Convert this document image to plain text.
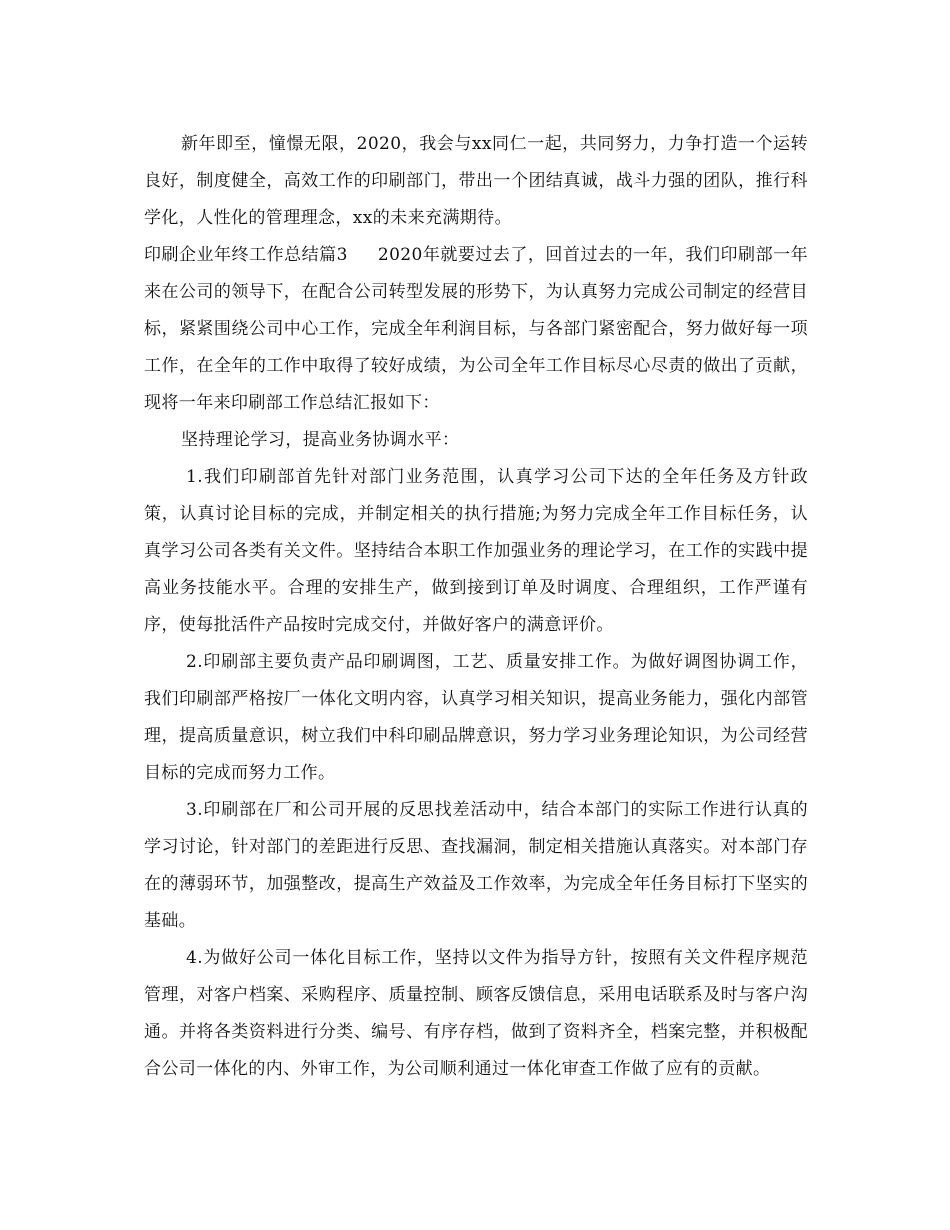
新年即至，憧憬无限，2020，我会与xx同仁一起，共同努力，力争打造一个运转良好，制度健全，高效工作的印刷部门，带出一个团结真诚，战斗力强的团队，推行科学化，人性化的管理理念，xx的未来充满期待。

印刷企业年终工作总结篇3 2020年就要过去了，回首过去的一年，我们印刷部一年来在公司的领导下，在配合公司转型发展的形势下，为认真努力完成公司制定的经营目标，紧紧围绕公司中心工作，完成全年利润目标，与各部门紧密配合，努力做好每一项工作，在全年的工作中取得了较好成绩，为公司全年工作目标尽心尽责的做出了贡献，现将一年来印刷部工作总结汇报如下：

坚持理论学习，提高业务协调水平：

1.我们印刷部首先针对部门业务范围，认真学习公司下达的全年任务及方针政策，认真讨论目标的完成，并制定相关的执行措施;为努力完成全年工作目标任务，认真学习公司各类有关文件。坚持结合本职工作加强业务的理论学习，在工作的实践中提高业务技能水平。合理的安排生产，做到接到订单及时调度、合理组织，工作严谨有序，使每批活件产品按时完成交付，并做好客户的满意评价。

2.印刷部主要负责产品印刷调图，工艺、质量安排工作。为做好调图协调工作，我们印刷部严格按厂一体化文明内容，认真学习相关知识，提高业务能力，强化内部管理，提高质量意识，树立我们中科印刷品牌意识，努力学习业务理论知识，为公司经营目标的完成而努力工作。

3.印刷部在厂和公司开展的反思找差活动中，结合本部门的实际工作进行认真的学习讨论，针对部门的差距进行反思、查找漏洞，制定相关措施认真落实。对本部门存在的薄弱环节，加强整改，提高生产效益及工作效率，为完成全年任务目标打下坚实的基础。

4.为做好公司一体化目标工作，坚持以文件为指导方针，按照有关文件程序规范管理，对客户档案、采购程序、质量控制、顾客反馈信息，采用电话联系及时与客户沟通。并将各类资料进行分类、编号、有序存档，做到了资料齐全，档案完整，并积极配合公司一体化的内、外审工作，为公司顺利通过一体化审查工作做了应有的贡献。
